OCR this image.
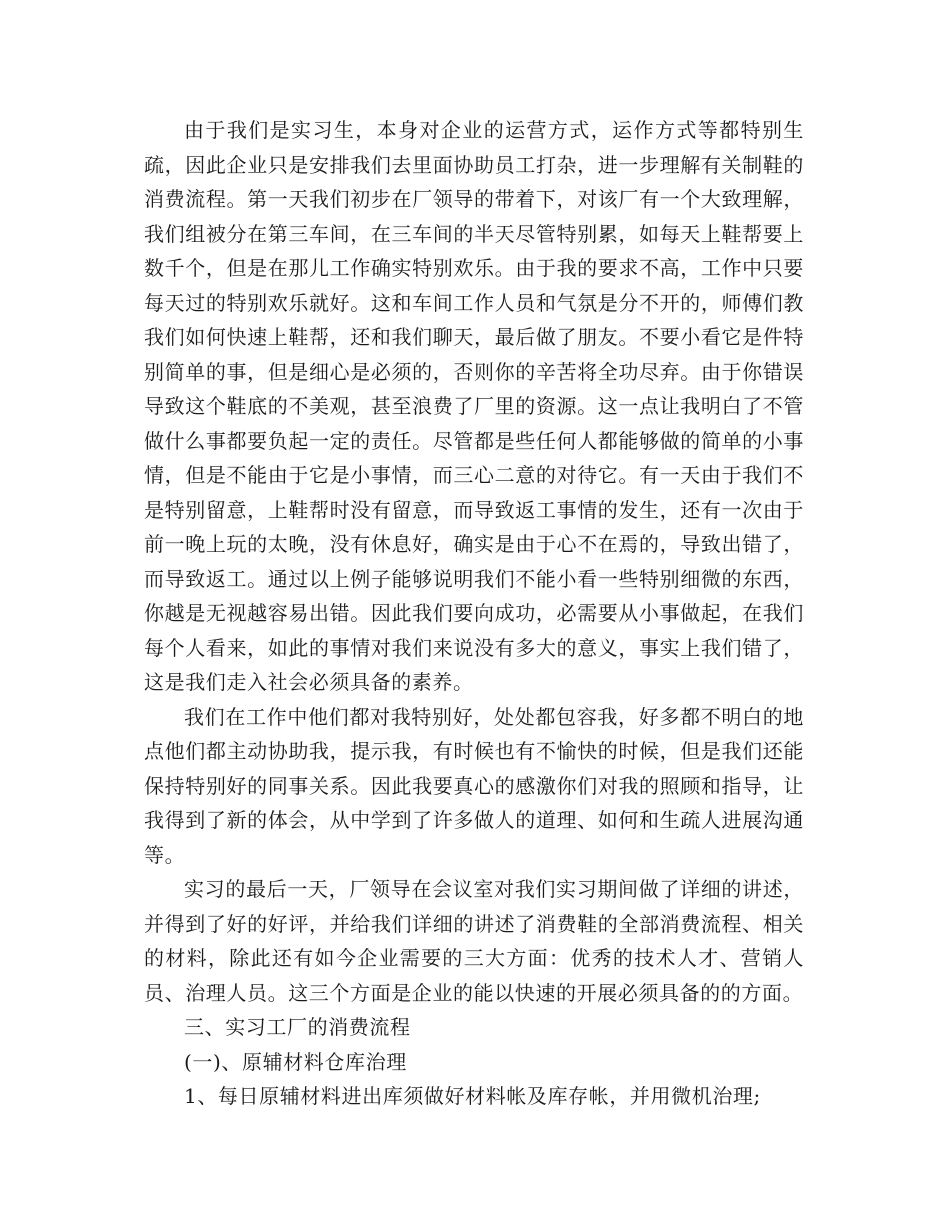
由于我们是实习生，本身对企业的运营方式，运作方式等都特别生疏，因此企业只是安排我们去里面协助员工打杂，进一步理解有关制鞋的消费流程。第一天我们初步在厂领导的带着下，对该厂有一个大致理解，我们组被分在第三车间，在三车间的半天尽管特别累，如每天上鞋帮要上数千个，但是在那儿工作确实特别欢乐。由于我的要求不高，工作中只要每天过的特别欢乐就好。这和车间工作人员和气氛是分不开的，师傅们教我们如何快速上鞋帮，还和我们聊天，最后做了朋友。不要小看它是件特别简单的事，但是细心是必须的，否则你的辛苦将全功尽弃。由于你错误导致这个鞋底的不美观，甚至浪费了厂里的资源。这一点让我明白了不管做什么事都要负起一定的责任。尽管都是些任何人都能够做的简单的小事情，但是不能由于它是小事情，而三心二意的对待它。有一天由于我们不是特别留意，上鞋帮时没有留意，而导致返工事情的发生，还有一次由于前一晚上玩的太晚，没有休息好，确实是由于心不在焉的，导致出错了，而导致返工。通过以上例子能够说明我们不能小看一些特别细微的东西，你越是无视越容易出错。因此我们要向成功，必需要从小事做起，在我们每个人看来，如此的事情对我们来说没有多大的意义，事实上我们错了，这是我们走入社会必须具备的素养。

我们在工作中他们都对我特别好，处处都包容我，好多都不明白的地点他们都主动协助我，提示我，有时候也有不愉快的时候，但是我们还能保持特别好的同事关系。因此我要真心的感激你们对我的照顾和指导，让我得到了新的体会，从中学到了许多做人的道理、如何和生疏人进展沟通等。

实习的最后一天，厂领导在会议室对我们实习期间做了详细的讲述，并得到了好的好评，并给我们详细的讲述了消费鞋的全部消费流程、相关的材料，除此还有如今企业需要的三大方面：优秀的技术人才、营销人员、治理人员。这三个方面是企业的能以快速的开展必须具备的的方面。

三、实习工厂的消费流程

(一)、原辅材料仓库治理

1、每日原辅材料进出库须做好材料帐及库存帐，并用微机治理;
